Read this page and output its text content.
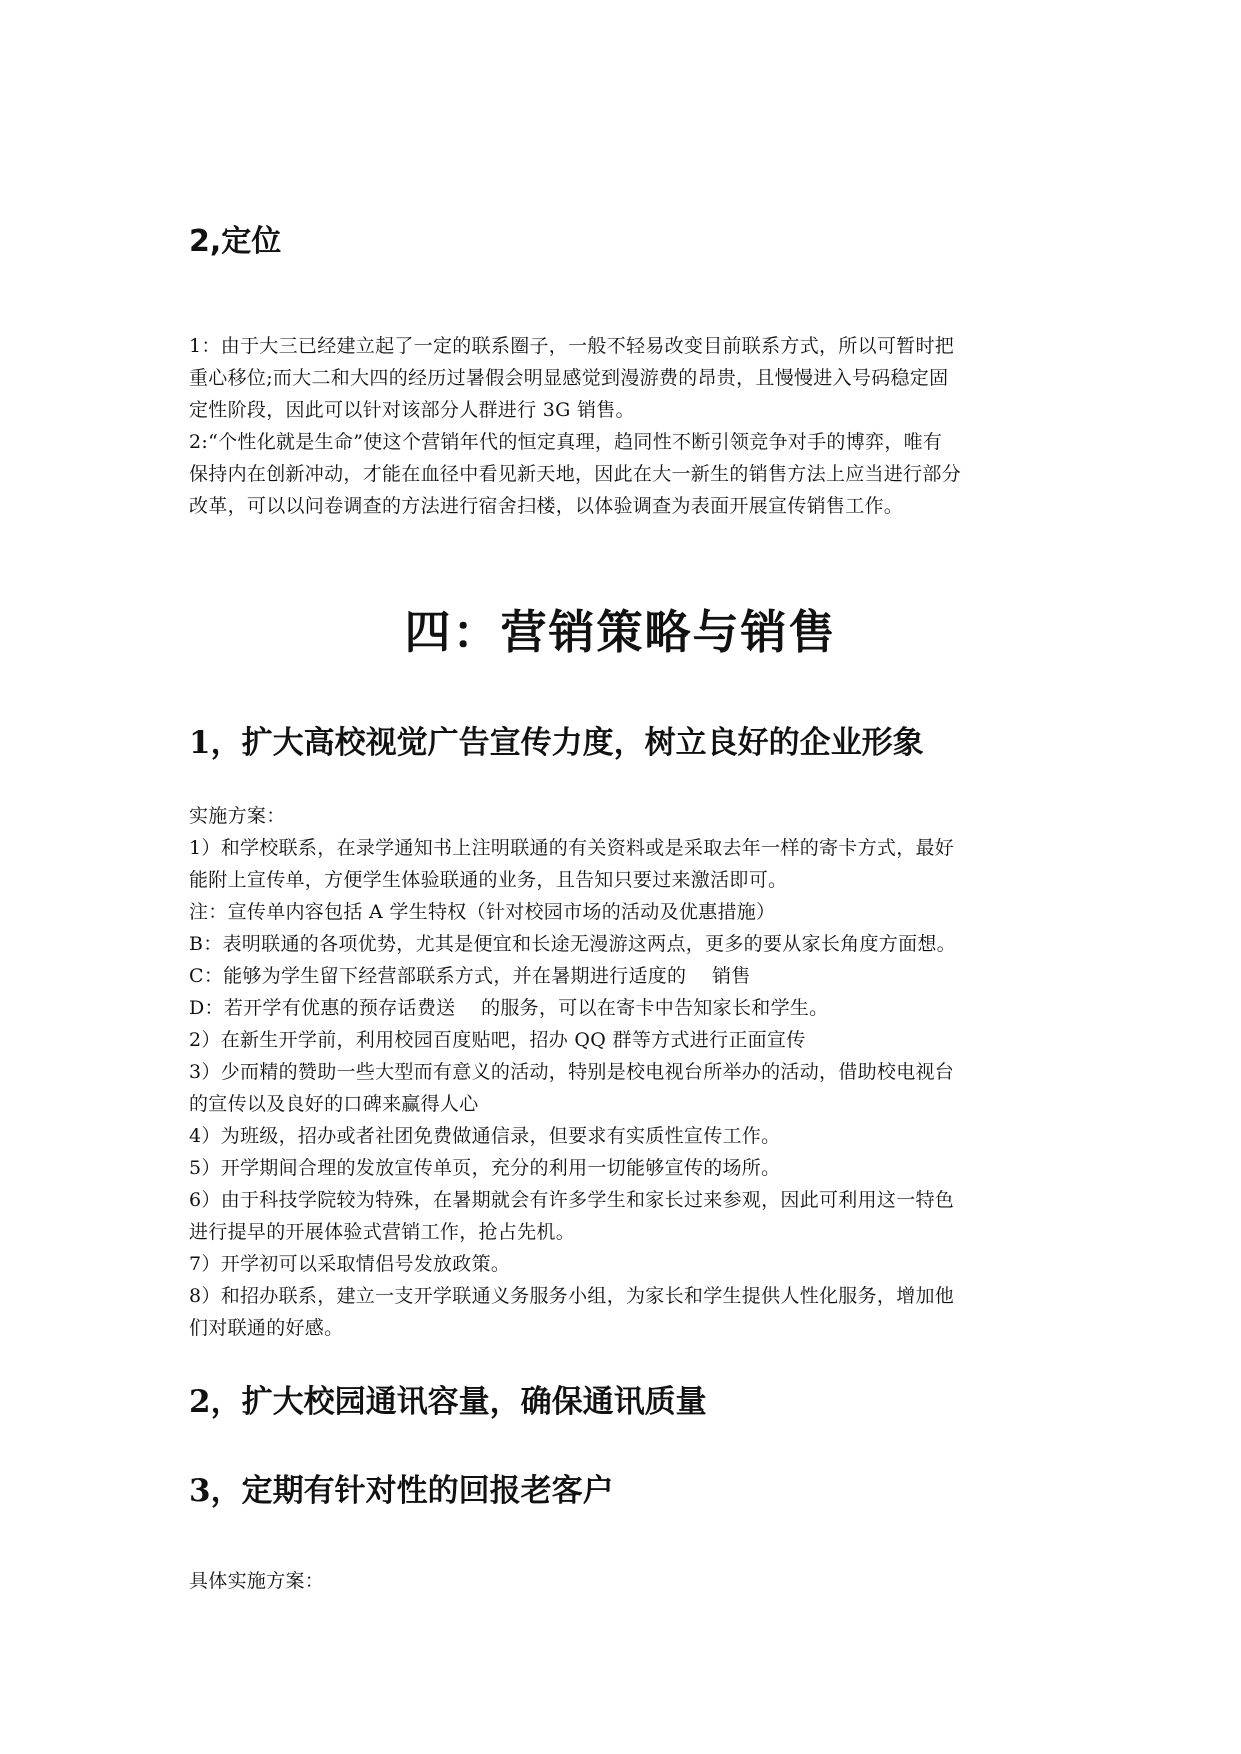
2,定位
1：由于大三已经建立起了一定的联系圈子，一般不轻易改变目前联系方式，所以可暂时把
重心移位;而大二和大四的经历过暑假会明显感觉到漫游费的昂贵，且慢慢进入号码稳定固
定性阶段，因此可以针对该部分人群进行 3G 销售。
2:“个性化就是生命”使这个营销年代的恒定真理，趋同性不断引领竞争对手的博弈，唯有
保持内在创新冲动，才能在血径中看见新天地，因此在大一新生的销售方法上应当进行部分
改革，可以以问卷调查的方法进行宿舍扫楼，以体验调查为表面开展宣传销售工作。
四：营销策略与销售
1，扩大高校视觉广告宣传力度，树立良好的企业形象
实施方案：
1）和学校联系，在录学通知书上注明联通的有关资料或是采取去年一样的寄卡方式，最好
能附上宣传单，方便学生体验联通的业务，且告知只要过来激活即可。
注：宣传单内容包括 A 学生特权（针对校园市场的活动及优惠措施）
B：表明联通的各项优势，尤其是便宜和长途无漫游这两点，更多的要从家长角度方面想。
C：能够为学生留下经营部联系方式，并在暑期进行适度的　 销售
D：若开学有优惠的预存话费送　 的服务，可以在寄卡中告知家长和学生。
2）在新生开学前，利用校园百度贴吧，招办 QQ 群等方式进行正面宣传
3）少而精的赞助一些大型而有意义的活动，特别是校电视台所举办的活动，借助校电视台
的宣传以及良好的口碑来赢得人心
4）为班级，招办或者社团免费做通信录，但要求有实质性宣传工作。
5）开学期间合理的发放宣传单页，充分的利用一切能够宣传的场所。
6）由于科技学院较为特殊，在暑期就会有许多学生和家长过来参观，因此可利用这一特色
进行提早的开展体验式营销工作，抢占先机。
7）开学初可以采取情侣号发放政策。
8）和招办联系，建立一支开学联通义务服务小组，为家长和学生提供人性化服务，增加他
们对联通的好感。
2，扩大校园通讯容量，确保通讯质量
3，定期有针对性的回报老客户
具体实施方案：
